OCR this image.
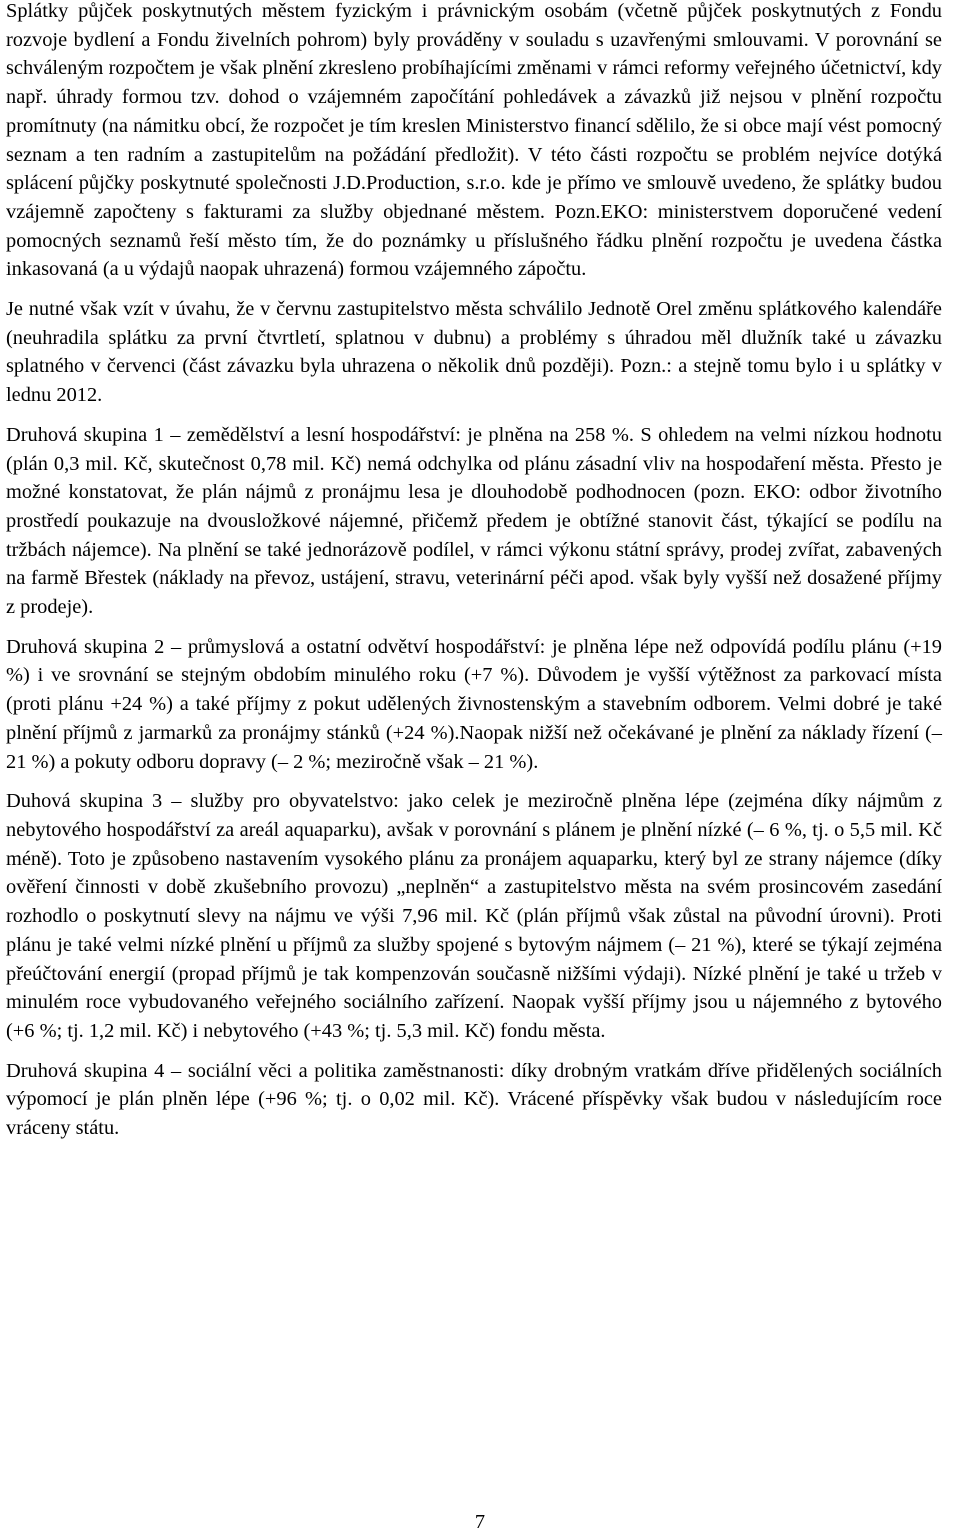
Splátky půjček poskytnutých městem fyzickým i právnickým osobám (včetně půjček poskytnutých z Fondu rozvoje bydlení a Fondu živelních pohrom) byly prováděny v souladu s uzavřenými smlouvami. V porovnání se schváleným rozpočtem je však plnění zkresleno probíhajícími změnami v rámci reformy veřejného účetnictví, kdy např. úhrady formou tzv. dohod o vzájemném započítání pohledávek a závazků již nejsou v plnění rozpočtu promítnuty (na námitku obcí, že rozpočet je tím kreslen Ministerstvo financí sdělilo, že si obce mají vést pomocný seznam a ten radním a zastupitelům na požádání předložit). V této části rozpočtu se problém nejvíce dotýká splácení půjčky poskytnuté společnosti J.D.Production, s.r.o. kde je přímo ve smlouvě uvedeno, že splátky budou vzájemně započteny s fakturami za služby objednané městem. Pozn.EKO: ministerstvem doporučené vedení pomocných seznamů řeší město tím, že do poznámky u příslušného řádku plnění rozpočtu je uvedena částka inkasovaná (a u výdajů naopak uhrazená) formou vzájemného zápočtu.

Je nutné však vzít v úvahu, že v červnu zastupitelstvo města schválilo Jednotě Orel změnu splátkového kalendáře (neuhradila splátku za první čtvrtletí, splatnou v dubnu) a problémy s úhradou měl dlužník také u závazku splatného v červenci (část závazku byla uhrazena o několik dnů později). Pozn.: a stejně tomu bylo i u splátky v lednu 2012.

Druhová skupina 1 – zemědělství a lesní hospodářství: je plněna na 258 %. S ohledem na velmi nízkou hodnotu (plán 0,3 mil. Kč, skutečnost 0,78 mil. Kč) nemá odchylka od plánu zásadní vliv na hospodaření města. Přesto je možné konstatovat, že plán nájmů z pronájmu lesa je dlouhodobě podhodnocen (pozn. EKO: odbor životního prostředí poukazuje na dvousložkové nájemné, přičemž předem je obtížné stanovit část, týkající se podílu na tržbách nájemce). Na plnění se také jednorázově podílel, v rámci výkonu státní správy, prodej zvířat, zabavených na farmě Břestek (náklady na převoz, ustájení, stravu, veterinární péči apod. však byly vyšší než dosažené příjmy z prodeje).

Druhová skupina 2 – průmyslová a ostatní odvětví hospodářství: je plněna lépe než odpovídá podílu plánu (+19 %) i ve srovnání se stejným obdobím minulého roku (+7 %). Důvodem je vyšší výtěžnost za parkovací místa (proti plánu +24 %) a také příjmy z pokut udělených živnostenským a stavebním odborem. Velmi dobré je také plnění příjmů z jarmarků za pronájmy stánků (+24 %).Naopak nižší než očekávané je plnění za náklady řízení (– 21 %) a pokuty odboru dopravy (– 2 %; meziročně však – 21 %).

Duhová skupina 3 – služby pro obyvatelstvo: jako celek je meziročně plněna lépe (zejména díky nájmům z nebytového hospodářství za areál aquaparku), avšak v porovnání s plánem je plnění nízké (– 6 %, tj. o 5,5 mil. Kč méně). Toto je způsobeno nastavením vysokého plánu za pronájem aquaparku, který byl ze strany nájemce (díky ověření činnosti v době zkušebního provozu) „neplněn“ a zastupitelstvo města na svém prosincovém zasedání rozhodlo o poskytnutí slevy na nájmu ve výši 7,96 mil. Kč (plán příjmů však zůstal na původní úrovni). Proti plánu je také velmi nízké plnění u příjmů za služby spojené s bytovým nájmem (– 21 %), které se týkají zejména přeúčtování energií (propad příjmů je tak kompenzován současně nižšími výdaji). Nízké plnění je také u tržeb v minulém roce vybudovaného veřejného sociálního zařízení. Naopak vyšší příjmy jsou u nájemného z bytového (+6 %; tj. 1,2 mil. Kč) i nebytového (+43 %; tj. 5,3 mil. Kč) fondu města.

Druhová skupina 4 – sociální věci a politika zaměstnanosti: díky drobným vratkám dříve přidělených sociálních výpomocí je plán plněn lépe (+96 %; tj. o 0,02 mil. Kč). Vrácené příspěvky však budou v následujícím roce vráceny státu.

7
